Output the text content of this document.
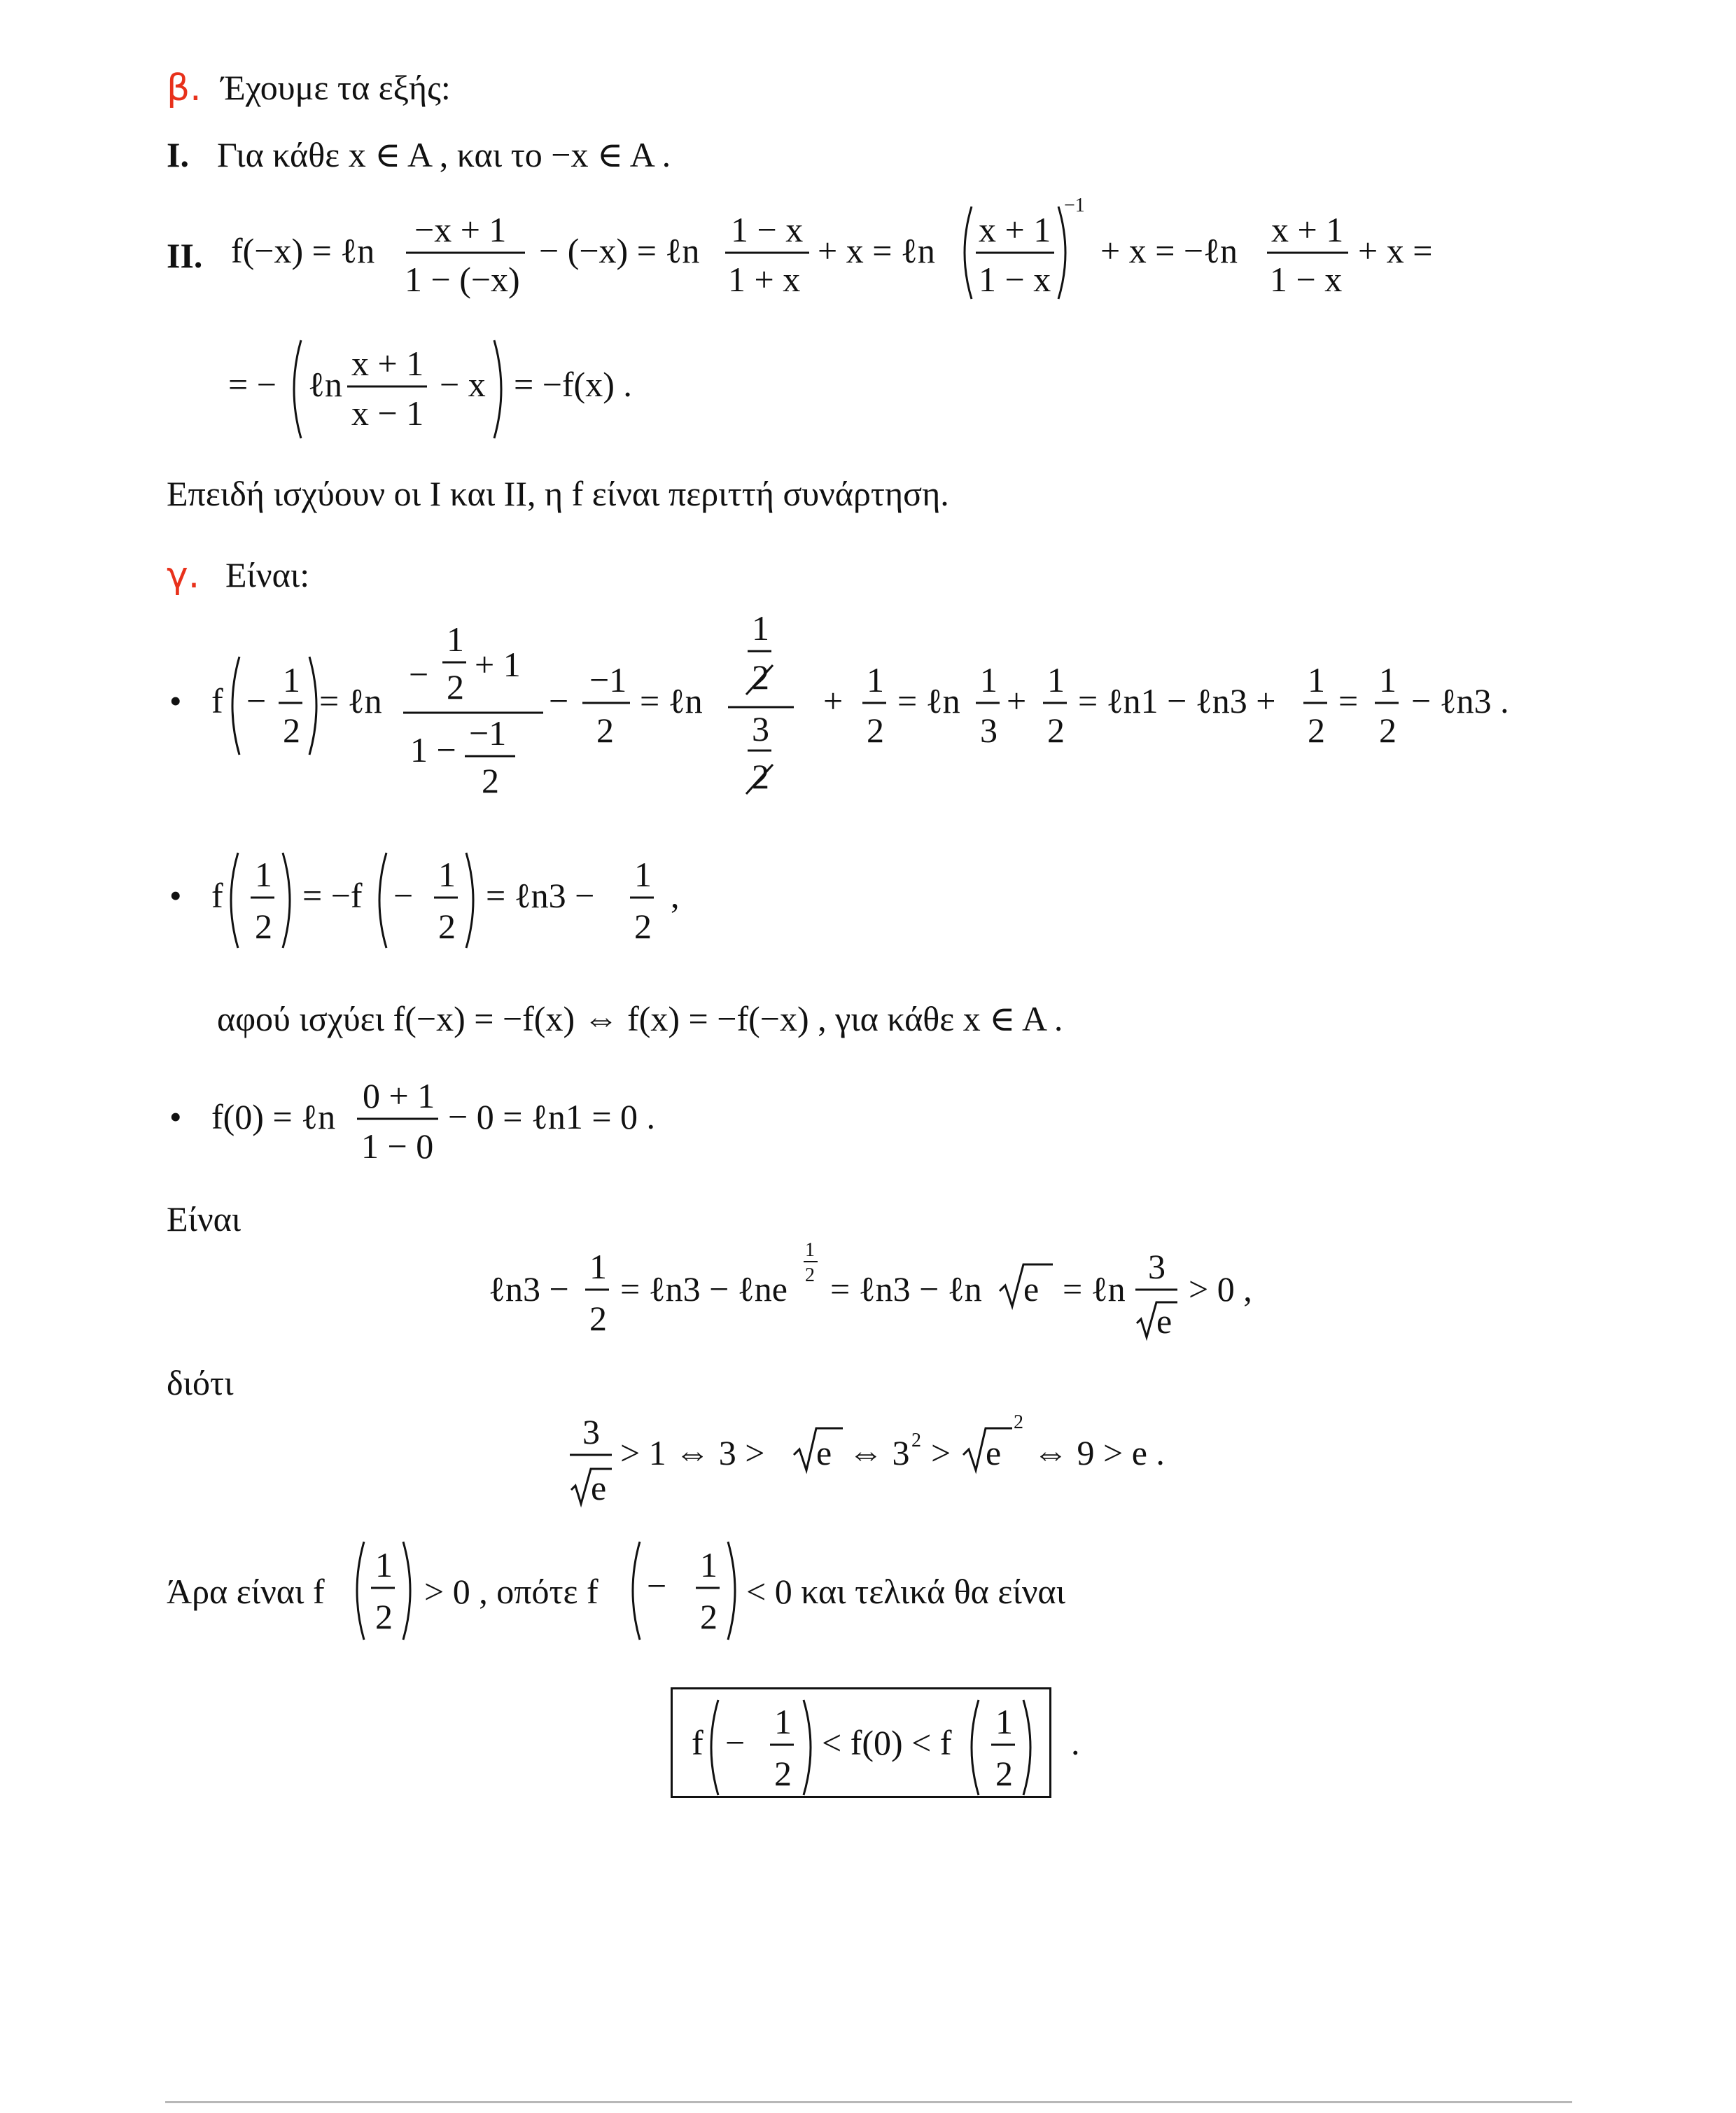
β. Έχουμε τα εξής:
I. Για κάθε x ∈ A , και το −x ∈ A .
II.
Επειδή ισχύουν οι I και II, η f είναι περιττή συνάρτηση.
γ. Είναι:
αφού ισχύει f(−x) = −f(x) ⇔ f(x) = −f(−x) , για κάθε x ∈ A .
Είναι
διότι
Άρα είναι f	> 0 , οπότε f	< 0 και τελικά θα είναι
f(−x) = ℓn
−x + 1
1 − (−x)
− (−x) = ℓn
1 − x
1 + x
+ x = ℓn
x + 1
1 − x
−1
+ x = −ℓn
x + 1
1 − x
+ x =
= − ℓn
x + 1
x − 1
− x = −f(x) .
• f −
1
2
= ℓn
−
1
2
+ 1
1 − −1
2
−
−1
2
= ℓn
1
2
3
2
+
1
2
= ℓn
1
3
+
1
2
= ℓn1 − ℓn3 +
1
2
=
1
2
− ℓn3 .
• f
1
2
= −f −
1
2
= ℓn3 −
1
2
,
• f(0) = ℓn
0 + 1
1 − 0
− 0 = ℓn1 = 0 .
ℓn3 −
1
2
= ℓn3 − ℓne
1
2 = ℓn3 − ℓn e = ℓn
3
e
> 0 ,
3
e
> 1 ⇔ 3 > e ⇔ 3 2 > e
2
⇔ 9 > e .
1
2
−
1
2
f −
1
2
< f(0) < f
1
2
.
